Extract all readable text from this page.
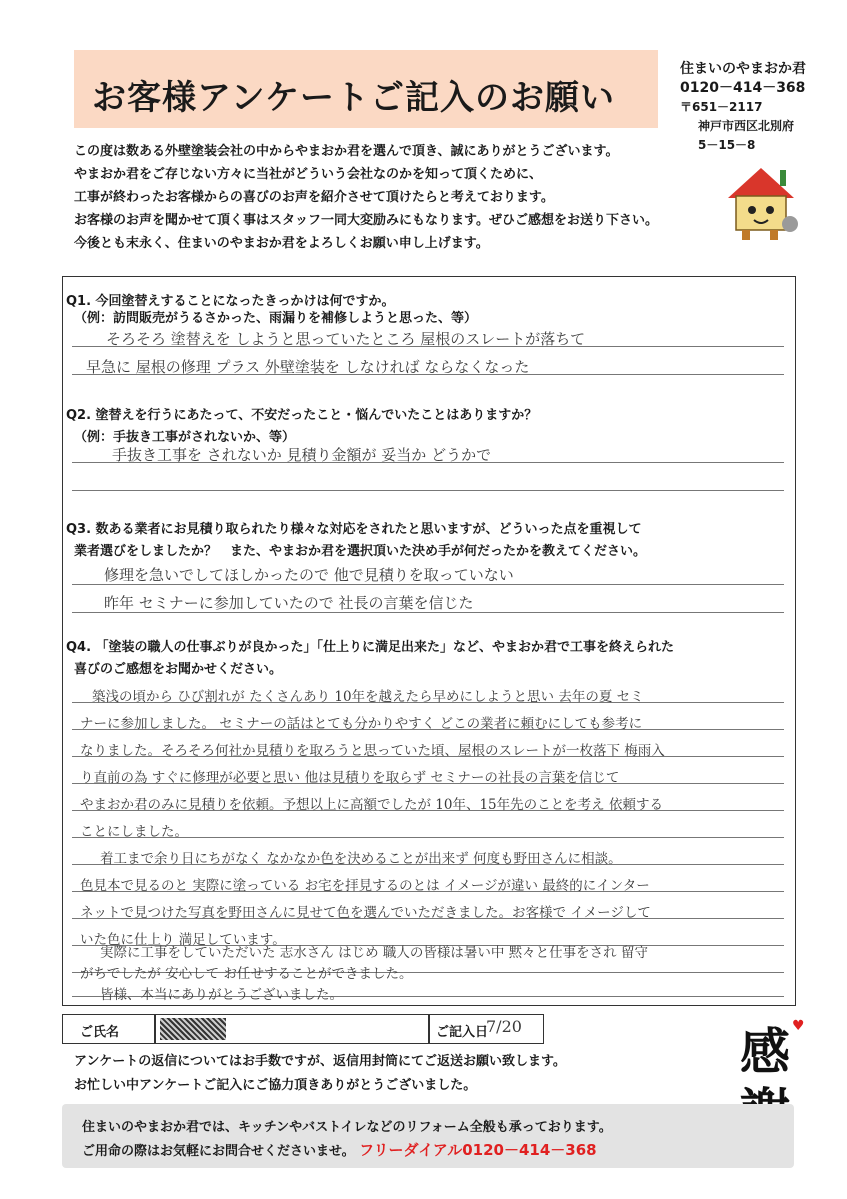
お客様アンケートご記入のお願い
住まいのやまおか君
0120－414－368
〒651－2117
神戸市西区北別府
5－15－8
この度は数ある外壁塗装会社の中からやまおか君を選んで頂き、誠にありがとうございます。
やまおか君をご存じない方々に当社がどういう会社なのかを知って頂くために、
工事が終わったお客様からの喜びのお声を紹介させて頂けたらと考えております。
お客様のお声を聞かせて頂く事はスタッフ一同大変励みにもなります。ぜひご感想をお送り下さい。
今後とも末永く、住まいのやまおか君をよろしくお願い申し上げます。
Q1. 今回塗替えすることになったきっかけは何ですか。
（例：訪問販売がうるさかった、雨漏りを補修しようと思った、等）
そろそろ 塗替えを しようと思っていたところ 屋根のスレートが落ちて
早急に 屋根の修理 プラス 外壁塗装を しなければ ならなくなった
Q2. 塗替えを行うにあたって、不安だったこと・悩んでいたことはありますか？
（例：手抜き工事がされないか、等）
手抜き工事を されないか 見積り金額が 妥当か どうかで
Q3. 数ある業者にお見積り取られたり様々な対応をされたと思いますが、どういった点を重視して
業者選びをしましたか？　また、やまおか君を選択頂いた決め手が何だったかを教えてください。
修理を急いでしてほしかったので 他で見積りを取っていない
昨年 セミナーに参加していたので 社長の言葉を信じた
Q4. 「塗装の職人の仕事ぶりが良かった」「仕上りに満足出来た」など、やまおか君で工事を終えられた
喜びのご感想をお聞かせください。
築浅の頃から ひび割れが たくさんあり 10年を越えたら早めにしようと思い 去年の夏 セミ
ナーに参加しました。 セミナーの話はとても分かりやすく どこの業者に頼むにしても参考に
なりました。そろそろ何社か見積りを取ろうと思っていた頃、屋根のスレートが一枚落下 梅雨入
り直前の為 すぐに修理が必要と思い 他は見積りを取らず セミナーの社長の言葉を信じて
やまおか君のみに見積りを依頼。予想以上に高額でしたが 10年、15年先のことを考え 依頼する
ことにしました。
着工まで余り日にちがなく なかなか色を決めることが出来ず 何度も野田さんに相談。
色見本で見るのと 実際に塗っている お宅を拝見するのとは イメージが違い 最終的にインター
ネットで見つけた写真を野田さんに見せて色を選んでいただきました。お客様で イメージして
いた色に仕上り 満足しています。
実際に工事をしていただいた 志水さん はじめ 職人の皆様は暑い中 黙々と仕事をされ 留守
がちでしたが 安心して お任せすることができました。
ご氏名	ご記入日
7/20	感 ♥
アンケートの返信についてはお手数ですが、返信用封筒にてご返送お願い致します。
お忙しい中アンケートご記入にご協力頂きありがとうございました。
住まいのやまおか君では、キッチンやバストイレなどのリフォーム全般も承っております。
ご用命の際はお気軽にお問合せくださいませ。 フリーダイアル0120－414－368
皆様、本当にありがとうございました。
